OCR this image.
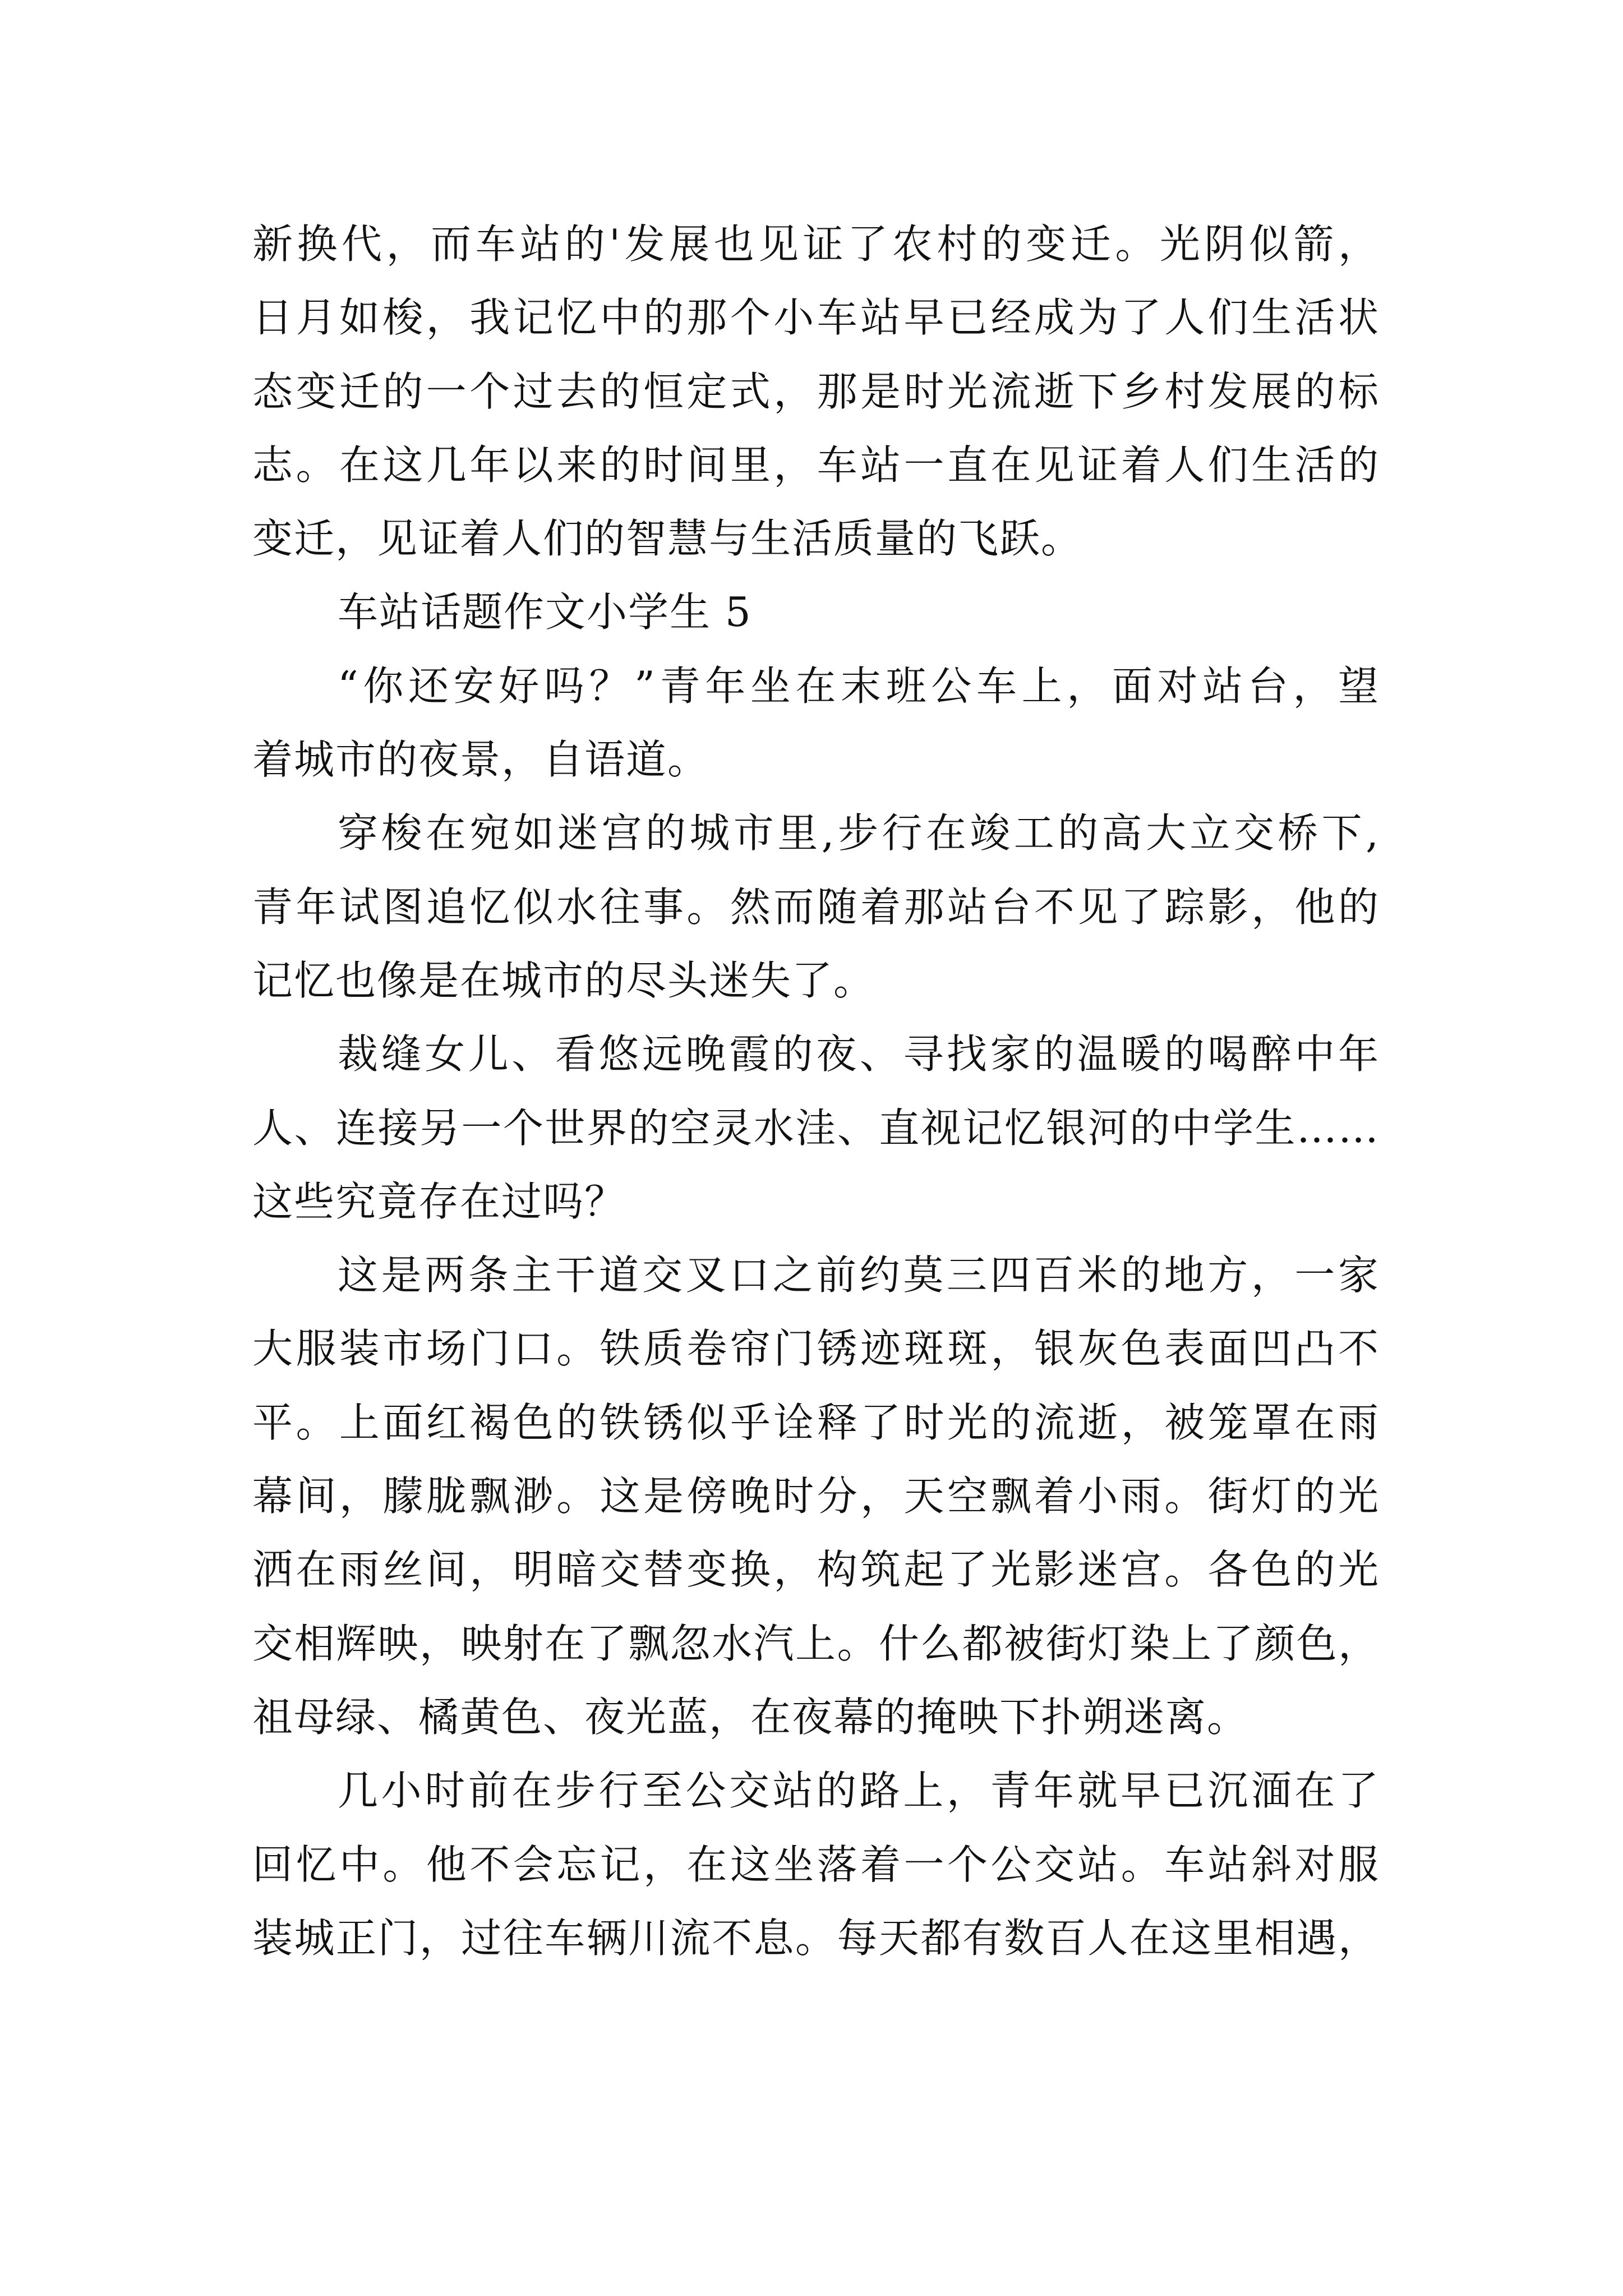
新换代，而车站的'发展也见证了农村的变迁。光阴似箭，
日月如梭，我记忆中的那个小车站早已经成为了人们生活状
态变迁的一个过去的恒定式，那是时光流逝下乡村发展的标
志。在这几年以来的时间里，车站一直在见证着人们生活的
变迁，见证着人们的智慧与生活质量的飞跃。
车站话题作文小学生 5
“你还安好吗？”青年坐在末班公车上，面对站台，望
着城市的夜景，自语道。
穿梭在宛如迷宫的城市里,步行在竣工的高大立交桥下,
青年试图追忆似水往事。然而随着那站台不见了踪影，他的
记忆也像是在城市的尽头迷失了。
裁缝女儿、看悠远晚霞的夜、寻找家的温暖的喝醉中年
人、连接另一个世界的空灵水洼、直视记忆银河的中学生……
这些究竟存在过吗？
这是两条主干道交叉口之前约莫三四百米的地方，一家
大服装市场门口。铁质卷帘门锈迹斑斑，银灰色表面凹凸不
平。上面红褐色的铁锈似乎诠释了时光的流逝，被笼罩在雨
幕间，朦胧飘渺。这是傍晚时分，天空飘着小雨。街灯的光
洒在雨丝间，明暗交替变换，构筑起了光影迷宫。各色的光
交相辉映，映射在了飘忽水汽上。什么都被街灯染上了颜色，
祖母绿、橘黄色、夜光蓝，在夜幕的掩映下扑朔迷离。
几小时前在步行至公交站的路上，青年就早已沉湎在了
回忆中。他不会忘记，在这坐落着一个公交站。车站斜对服
装城正门，过往车辆川流不息。每天都有数百人在这里相遇，
